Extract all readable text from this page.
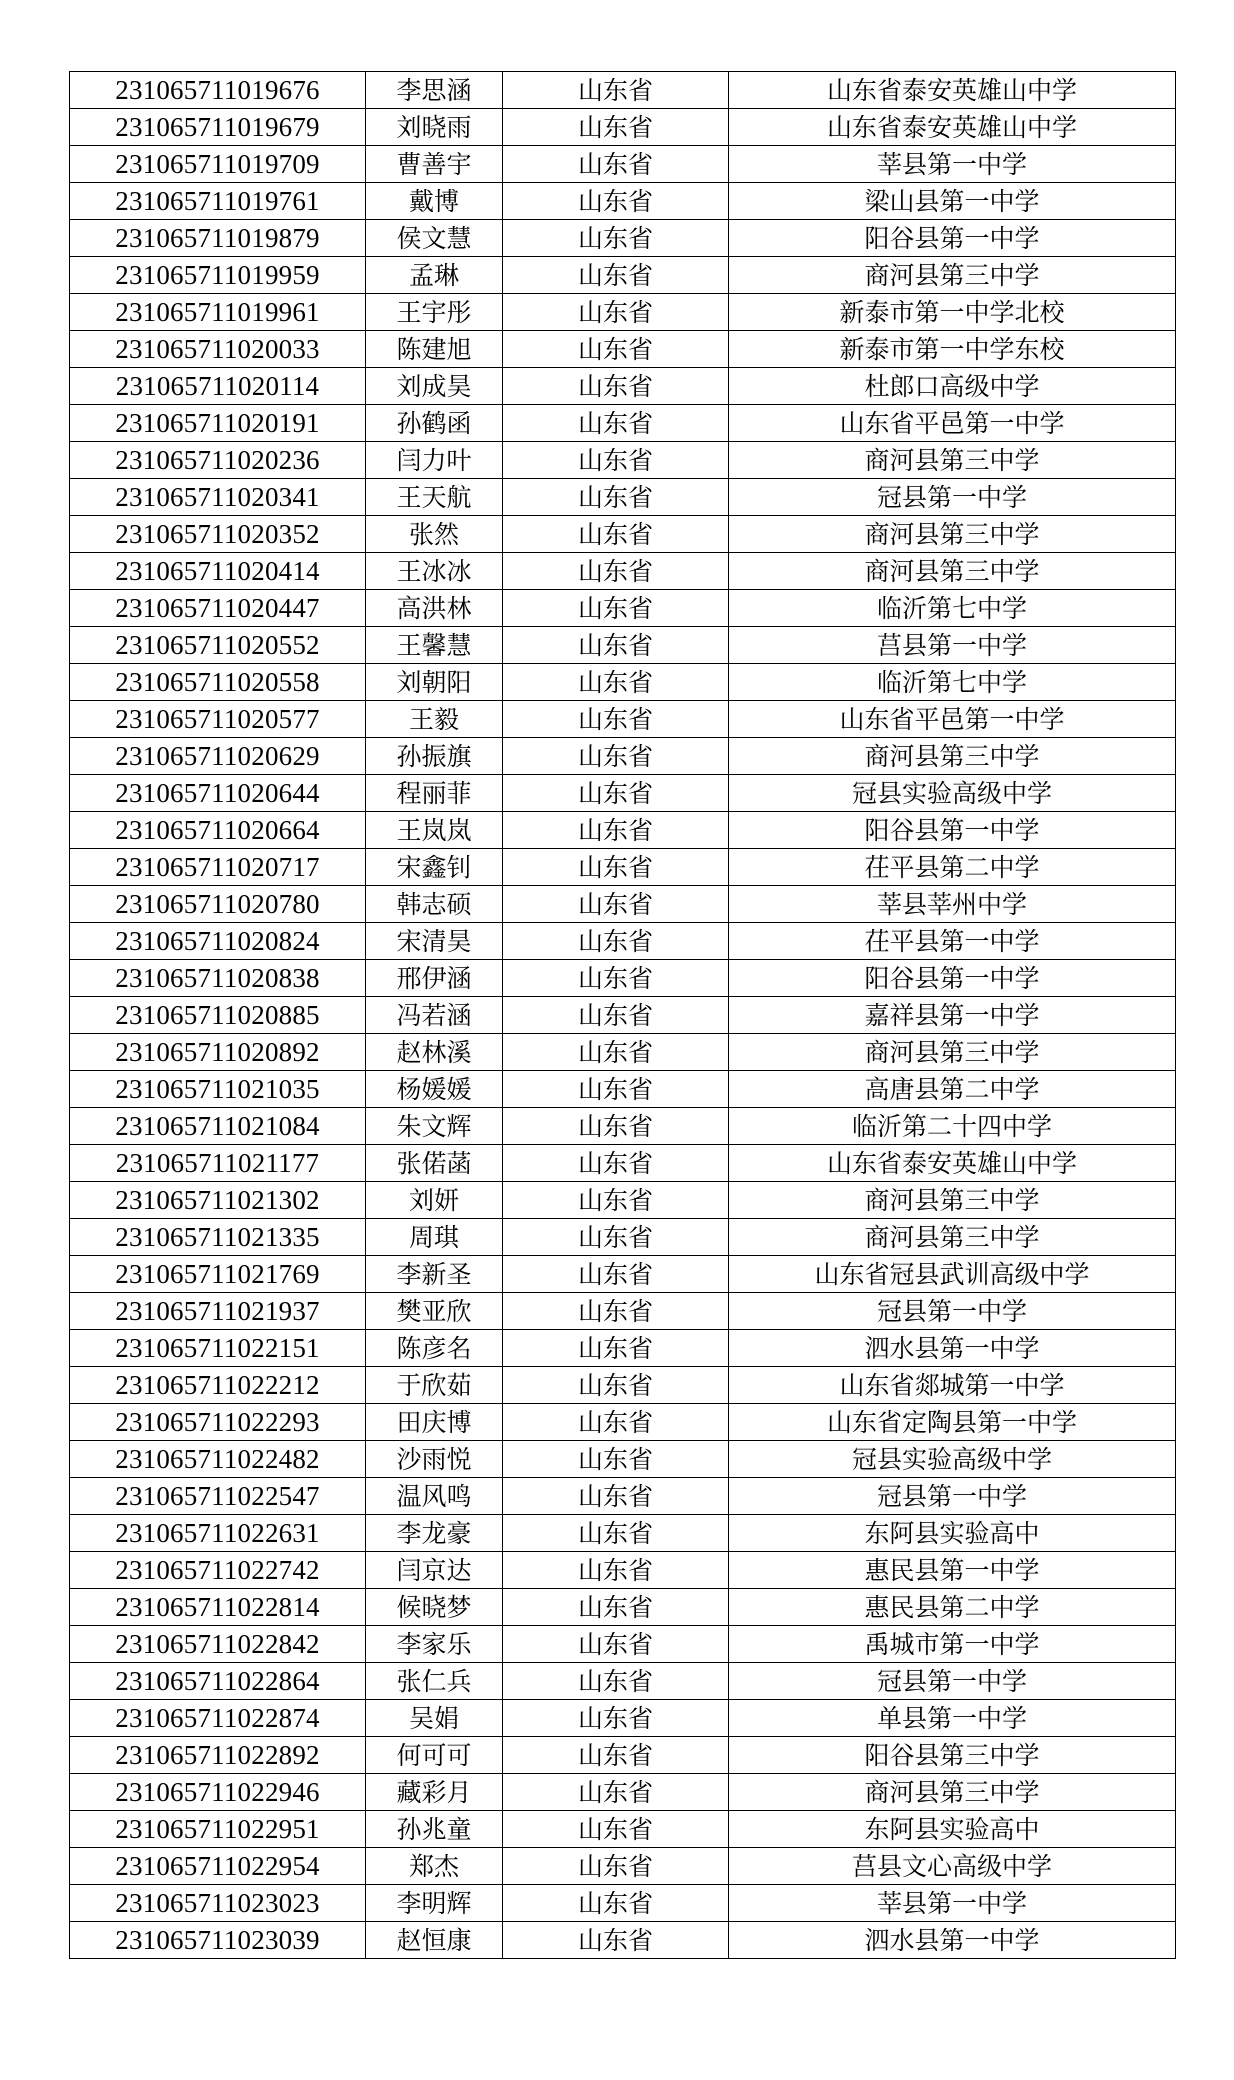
231065711019676	李思涵	山东省	山东省泰安英雄山中学
231065711019679	刘晓雨	山东省	山东省泰安英雄山中学
231065711019709	曹善宇	山东省	莘县第一中学
231065711019761	戴博	山东省	梁山县第一中学
231065711019879	侯文慧	山东省	阳谷县第一中学
231065711019959	孟琳	山东省	商河县第三中学
231065711019961	王宇彤	山东省	新泰市第一中学北校
231065711020033	陈建旭	山东省	新泰市第一中学东校
231065711020114	刘成昊	山东省	杜郎口高级中学
231065711020191	孙鹤函	山东省	山东省平邑第一中学
231065711020236	闫力叶	山东省	商河县第三中学
231065711020341	王天航	山东省	冠县第一中学
231065711020352	张然	山东省	商河县第三中学
231065711020414	王冰冰	山东省	商河县第三中学
231065711020447	高洪林	山东省	临沂第七中学
231065711020552	王馨慧	山东省	莒县第一中学
231065711020558	刘朝阳	山东省	临沂第七中学
231065711020577	王毅	山东省	山东省平邑第一中学
231065711020629	孙振旗	山东省	商河县第三中学
231065711020644	程丽菲	山东省	冠县实验高级中学
231065711020664	王岚岚	山东省	阳谷县第一中学
231065711020717	宋鑫钊	山东省	茌平县第二中学
231065711020780	韩志硕	山东省	莘县莘州中学
231065711020824	宋清昊	山东省	茌平县第一中学
231065711020838	邢伊涵	山东省	阳谷县第一中学
231065711020885	冯若涵	山东省	嘉祥县第一中学
231065711020892	赵林溪	山东省	商河县第三中学
231065711021035	杨媛媛	山东省	高唐县第二中学
231065711021084	朱文辉	山东省	临沂第二十四中学
231065711021177	张偌菡	山东省	山东省泰安英雄山中学
231065711021302	刘妍	山东省	商河县第三中学
231065711021335	周琪	山东省	商河县第三中学
231065711021769	李新圣	山东省	山东省冠县武训高级中学
231065711021937	樊亚欣	山东省	冠县第一中学
231065711022151	陈彦名	山东省	泗水县第一中学
231065711022212	于欣茹	山东省	山东省郯城第一中学
231065711022293	田庆博	山东省	山东省定陶县第一中学
231065711022482	沙雨悦	山东省	冠县实验高级中学
231065711022547	温风鸣	山东省	冠县第一中学
231065711022631	李龙豪	山东省	东阿县实验高中
231065711022742	闫京达	山东省	惠民县第一中学
231065711022814	候晓梦	山东省	惠民县第二中学
231065711022842	李家乐	山东省	禹城市第一中学
231065711022864	张仁兵	山东省	冠县第一中学
231065711022874	吴娟	山东省	单县第一中学
231065711022892	何可可	山东省	阳谷县第三中学
231065711022946	藏彩月	山东省	商河县第三中学
231065711022951	孙兆童	山东省	东阿县实验高中
231065711022954	郑杰	山东省	莒县文心高级中学
231065711023023	李明辉	山东省	莘县第一中学
231065711023039	赵恒康	山东省	泗水县第一中学
